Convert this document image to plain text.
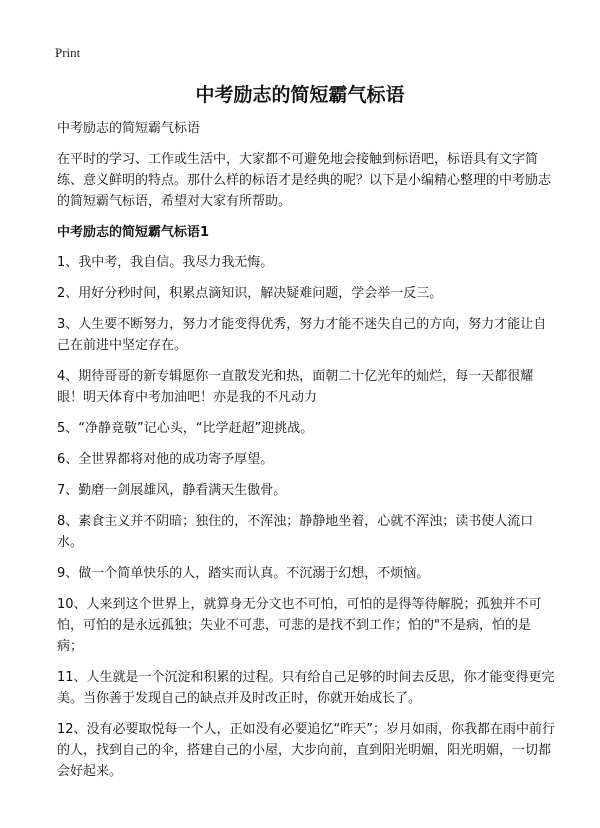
Print
中考励志的简短霸气标语

中考励志的简短霸气标语

在平时的学习、工作或生活中，大家都不可避免地会接触到标语吧，标语具有文字简练、意义鲜明的特点。那什么样的标语才是经典的呢？以下是小编精心整理的中考励志的简短霸气标语，希望对大家有所帮助。

中考励志的简短霸气标语1

1、我中考，我自信。我尽力我无悔。
2、用好分秒时间，积累点滴知识，解决疑难问题，学会举一反三。
3、人生要不断努力，努力才能变得优秀，努力才能不迷失自己的方向，努力才能让自己在前进中坚定存在。
4、期待哥哥的新专辑愿你一直散发光和热，面朝二十亿光年的灿烂，每一天都很耀眼！明天体育中考加油吧！亦是我的不凡动力
5、“净静竟敬”记心头，“比学赶超”迎挑战。
6、全世界都将对他的成功寄予厚望。
7、勤磨一剑展雄风，静看满天生傲骨。
8、素食主义并不阴暗；独住的，不浑浊；静静地坐着，心就不浑浊；读书使人流口水。
9、做一个简单快乐的人，踏实而认真。不沉溺于幻想，不烦恼。
10、人来到这个世界上，就算身无分文也不可怕，可怕的是得等待解脱；孤独并不可怕，可怕的是永远孤独；失业不可悲，可悲的是找不到工作；怕的"不是病，怕的是病；
11、人生就是一个沉淀和积累的过程。只有给自己足够的时间去反思，你才能变得更完美。当你善于发现自己的缺点并及时改正时，你就开始成长了。
12、没有必要取悦每一个人，正如没有必要追忆“昨天”；岁月如雨，你我都在雨中前行的人，找到自己的伞，搭建自己的小屋，大步向前，直到阳光明媚，阳光明媚，一切都会好起来。
